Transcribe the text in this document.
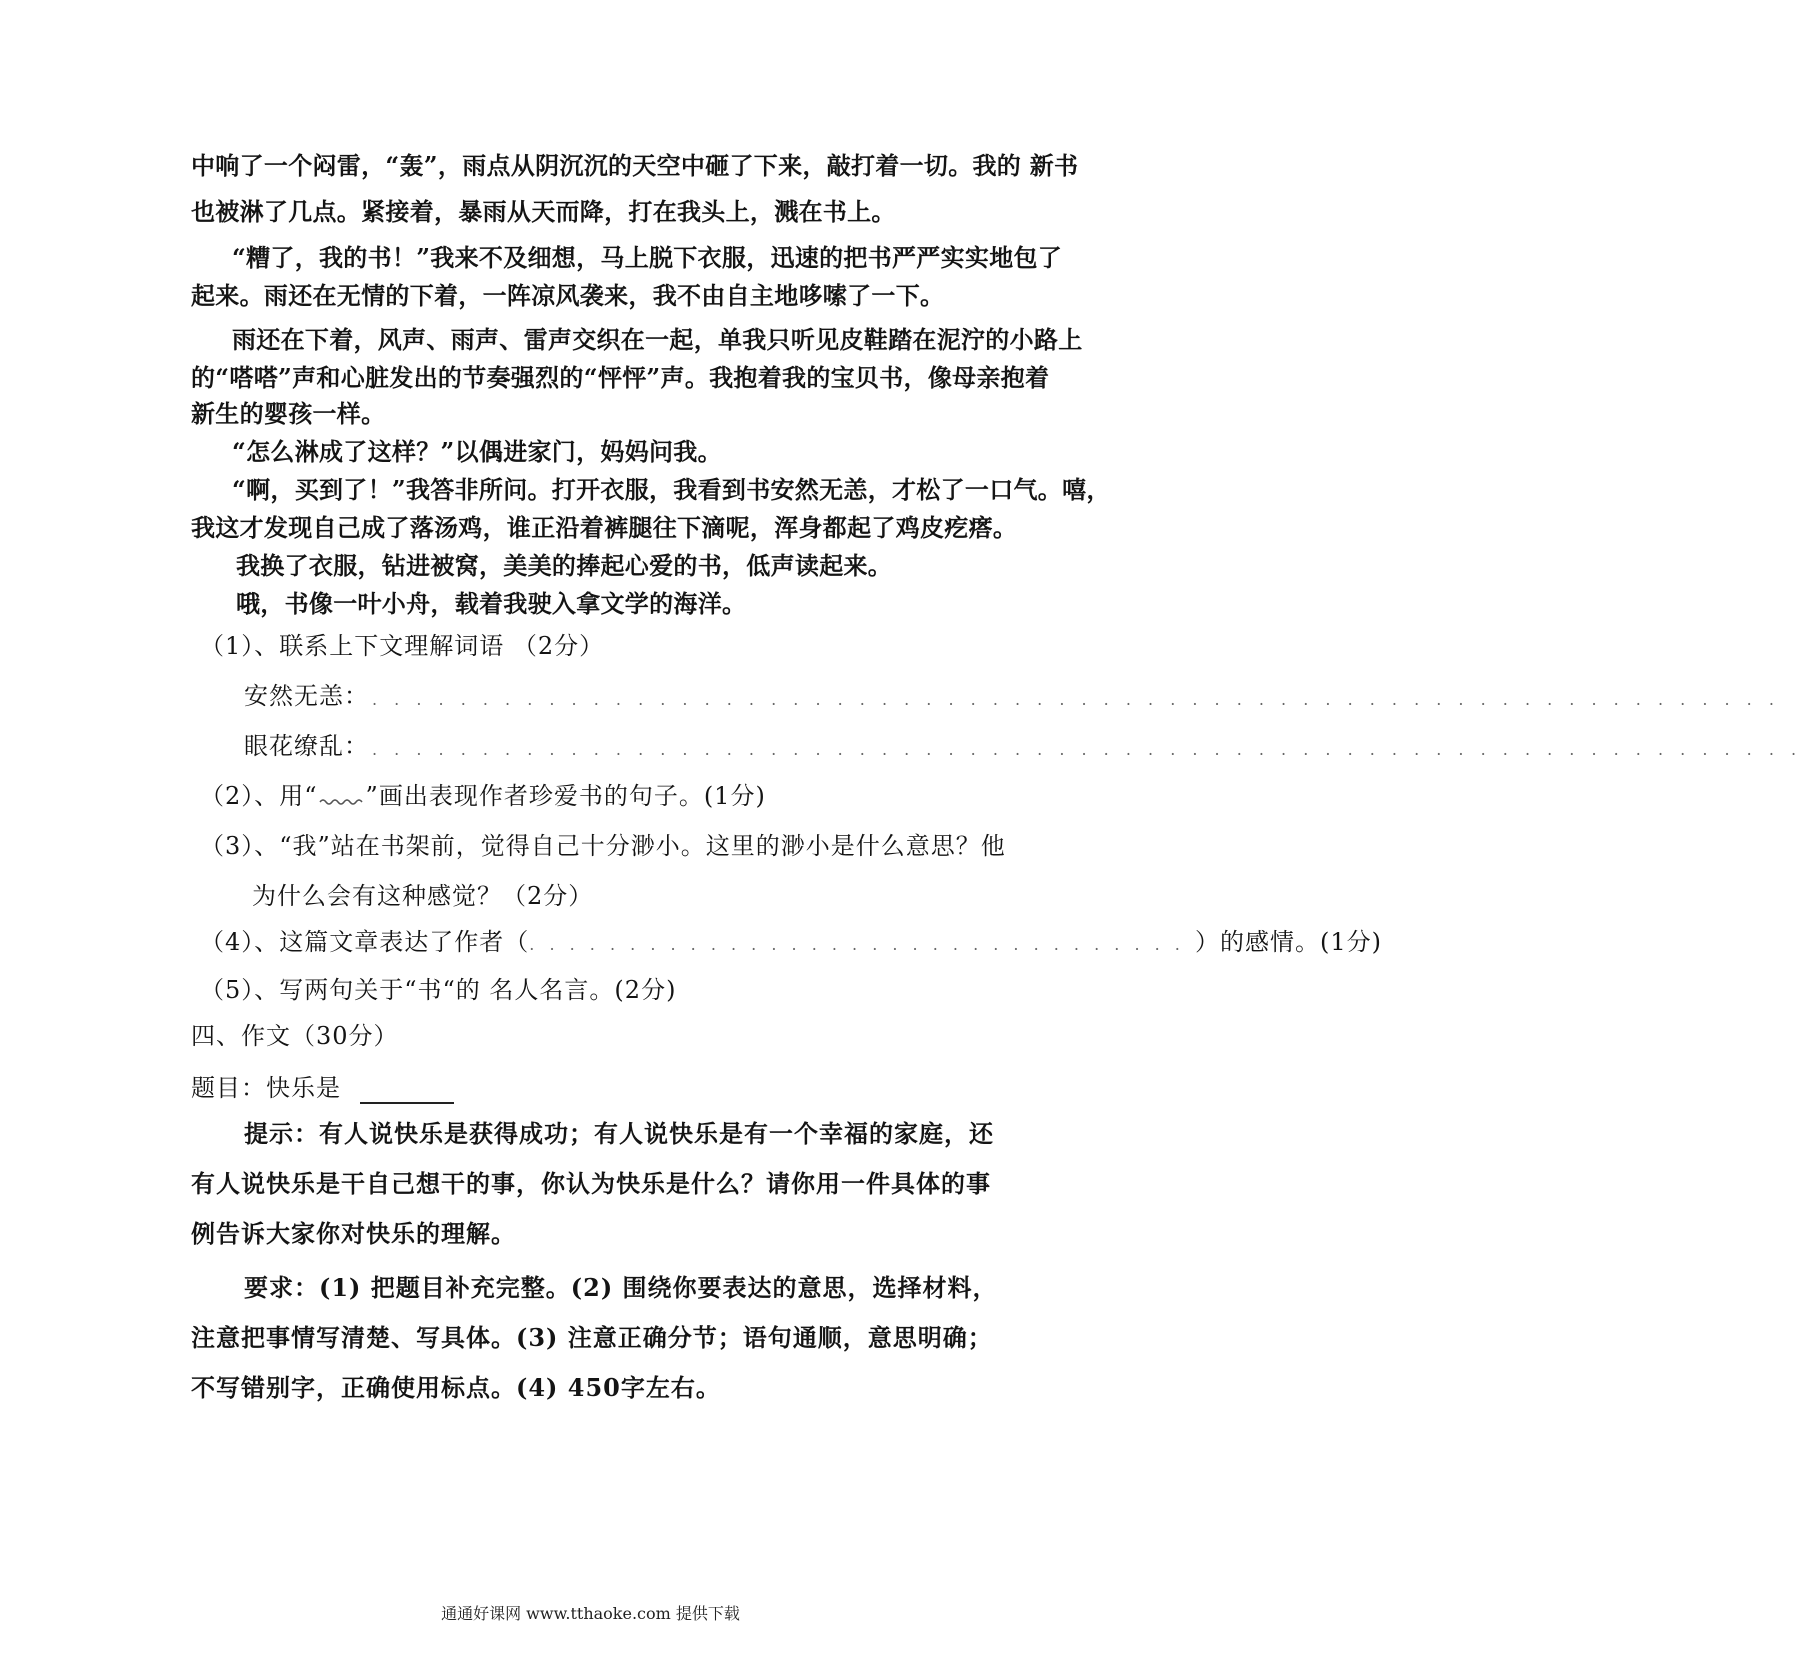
中响了一个闷雷，“轰”，雨点从阴沉沉的天空中砸了下来，敲打着一切。我的 新书
也被淋了几点。紧接着，暴雨从天而降，打在我头上，溅在书上。
“糟了，我的书！”我来不及细想，马上脱下衣服，迅速的把书严严实实地包了
起来。雨还在无情的下着，一阵凉风袭来，我不由自主地哆嗦了一下。
雨还在下着，风声、雨声、雷声交织在一起，单我只听见皮鞋踏在泥泞的小路上
的“嗒嗒”声和心脏发出的节奏强烈的“怦怦”声。我抱着我的宝贝书，像母亲抱着
新生的婴孩一样。
“怎么淋成了这样？”以偶进家门，妈妈问我。
“啊，买到了！”我答非所问。打开衣服，我看到书安然无恙，才松了一口气。嘻，
我这才发现自己成了落汤鸡，谁正沿着裤腿往下滴呢，浑身都起了鸡皮疙瘩。
我换了衣服，钻进被窝，美美的捧起心爱的书，低声读起来。
哦，书像一叶小舟，载着我驶入拿文学的海洋。
（1）、联系上下文理解词语 （2分）
安然无恙： . . . . . . . . . . . . . . . . . . . . . . . . . . . . . . . . . . . . . . . . . . . . . . . . . . . . . . . . . . . . . . . .
眼花缭乱： . . . . . . . . . . . . . . . . . . . . . . . . . . . . . . . . . . . . . . . . . . . . . . . . . . . . . . . . . . . . . . . . .
（2）、用“ ”画出表现作者珍爱书的句子。(1分)
（3）、“我”站在书架前，觉得自己十分渺小。这里的渺小是什么意思？他
为什么会有这种感觉？（2分）
（4）、这篇文章表达了作者（. . . . . . . . . . . . . . . . . . . . . . . . . . . . . . . . . ）的感情。(1分)
（5）、写两句关于“书“的 名人名言。(2分)
四、作文（30分）
题目：快乐是
提示：有人说快乐是获得成功；有人说快乐是有一个幸福的家庭，还
有人说快乐是干自己想干的事，你认为快乐是什么？请你用一件具体的事
例告诉大家你对快乐的理解。
要求：(1) 把题目补充完整。(2) 围绕你要表达的意思，选择材料，
注意把事情写清楚、写具体。(3) 注意正确分节；语句通顺，意思明确；
不写错别字，正确使用标点。(4) 450字左右。
通通好课网 www.tthaoke.com 提供下载
